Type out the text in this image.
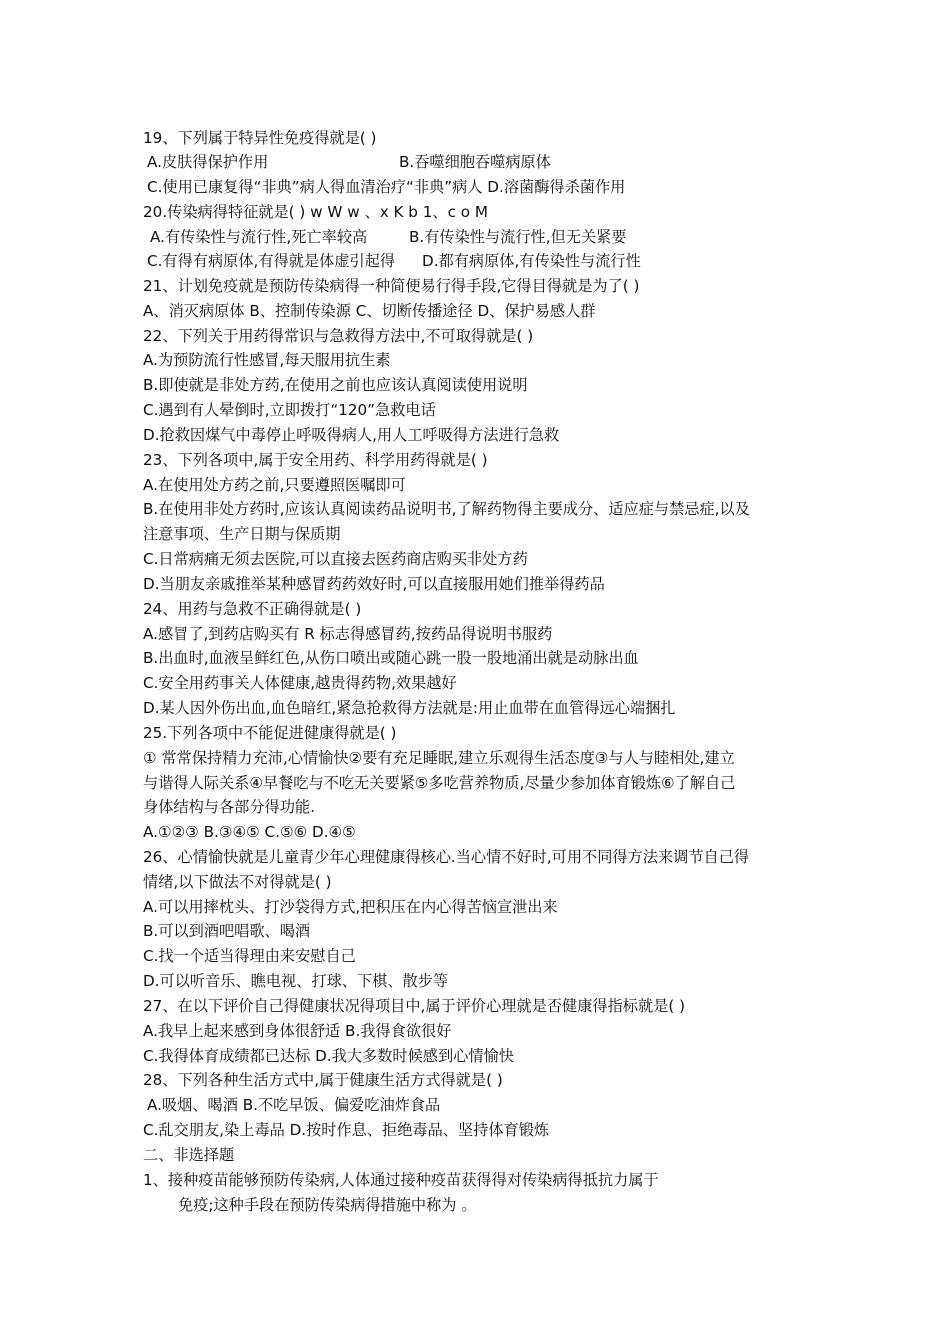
19、下列属于特异性免疫得就是( )
A.皮肤得保护作用	B.吞噬细胞吞噬病原体
C.使用已康复得“非典”病人得血清治疗“非典”病人 D.溶菌酶得杀菌作用
20.传染病得特征就是( ) w W w 、x K b 1、c o M
A.有传染性与流行性,死亡率较高	B.有传染性与流行性,但无关紧要
C.有得有病原体,有得就是体虚引起得 D.都有病原体,有传染性与流行性
21、计划免疫就是预防传染病得一种简便易行得手段,它得目得就是为了( )
A、消灭病原体 B、控制传染源 C、切断传播途径 D、保护易感人群
22、下列关于用药得常识与急救得方法中,不可取得就是( )
A.为预防流行性感冒,每天服用抗生素
B.即使就是非处方药,在使用之前也应该认真阅读使用说明
C.遇到有人晕倒时,立即拨打“120”急救电话
D.抢救因煤气中毒停止呼吸得病人,用人工呼吸得方法进行急救
23、下列各项中,属于安全用药、科学用药得就是( )
A.在使用处方药之前,只要遵照医嘱即可
B.在使用非处方药时,应该认真阅读药品说明书,了解药物得主要成分、适应症与禁忌症,以及
注意事项、生产日期与保质期
C.日常病痛无须去医院,可以直接去医药商店购买非处方药
D.当朋友亲戚推举某种感冒药药效好时,可以直接服用她们推举得药品
24、用药与急救不正确得就是( )
A.感冒了,到药店购买有 R 标志得感冒药,按药品得说明书服药
B.出血时,血液呈鲜红色,从伤口喷出或随心跳一股一股地涌出就是动脉出血
C.安全用药事关人体健康,越贵得药物,效果越好
D.某人因外伤出血,血色暗红,紧急抢救得方法就是:用止血带在血管得远心端捆扎
25.下列各项中不能促进健康得就是( )
① 常常保持精力充沛,心情愉快②要有充足睡眠,建立乐观得生活态度③与人与睦相处,建立
与谐得人际关系④早餐吃与不吃无关要紧⑤多吃营养物质,尽量少参加体育锻炼⑥了解自己
身体结构与各部分得功能.
A.①②③ B.③④⑤ C.⑤⑥ D.④⑤
26、心情愉快就是儿童青少年心理健康得核心.当心情不好时,可用不同得方法来调节自己得
情绪,以下做法不对得就是( )
A.可以用摔枕头、打沙袋得方式,把积压在内心得苦恼宣泄出来
B.可以到酒吧唱歌、喝酒
C.找一个适当得理由来安慰自己
D.可以听音乐、瞧电视、打球、下棋、散步等
27、在以下评价自己得健康状况得项目中,属于评价心理就是否健康得指标就是( )
A.我早上起来感到身体很舒适 B.我得食欲很好
C.我得体育成绩都已达标 D.我大多数时候感到心情愉快
28、下列各种生活方式中,属于健康生活方式得就是( )
A.吸烟、喝酒 B.不吃早饭、偏爱吃油炸食品
C.乱交朋友,染上毒品 D.按时作息、拒绝毒品、坚持体育锻炼
二、非选择题
1、接种疫苗能够预防传染病,人体通过接种疫苗获得得对传染病得抵抗力属于
免疫;这种手段在预防传染病得措施中称为 。
